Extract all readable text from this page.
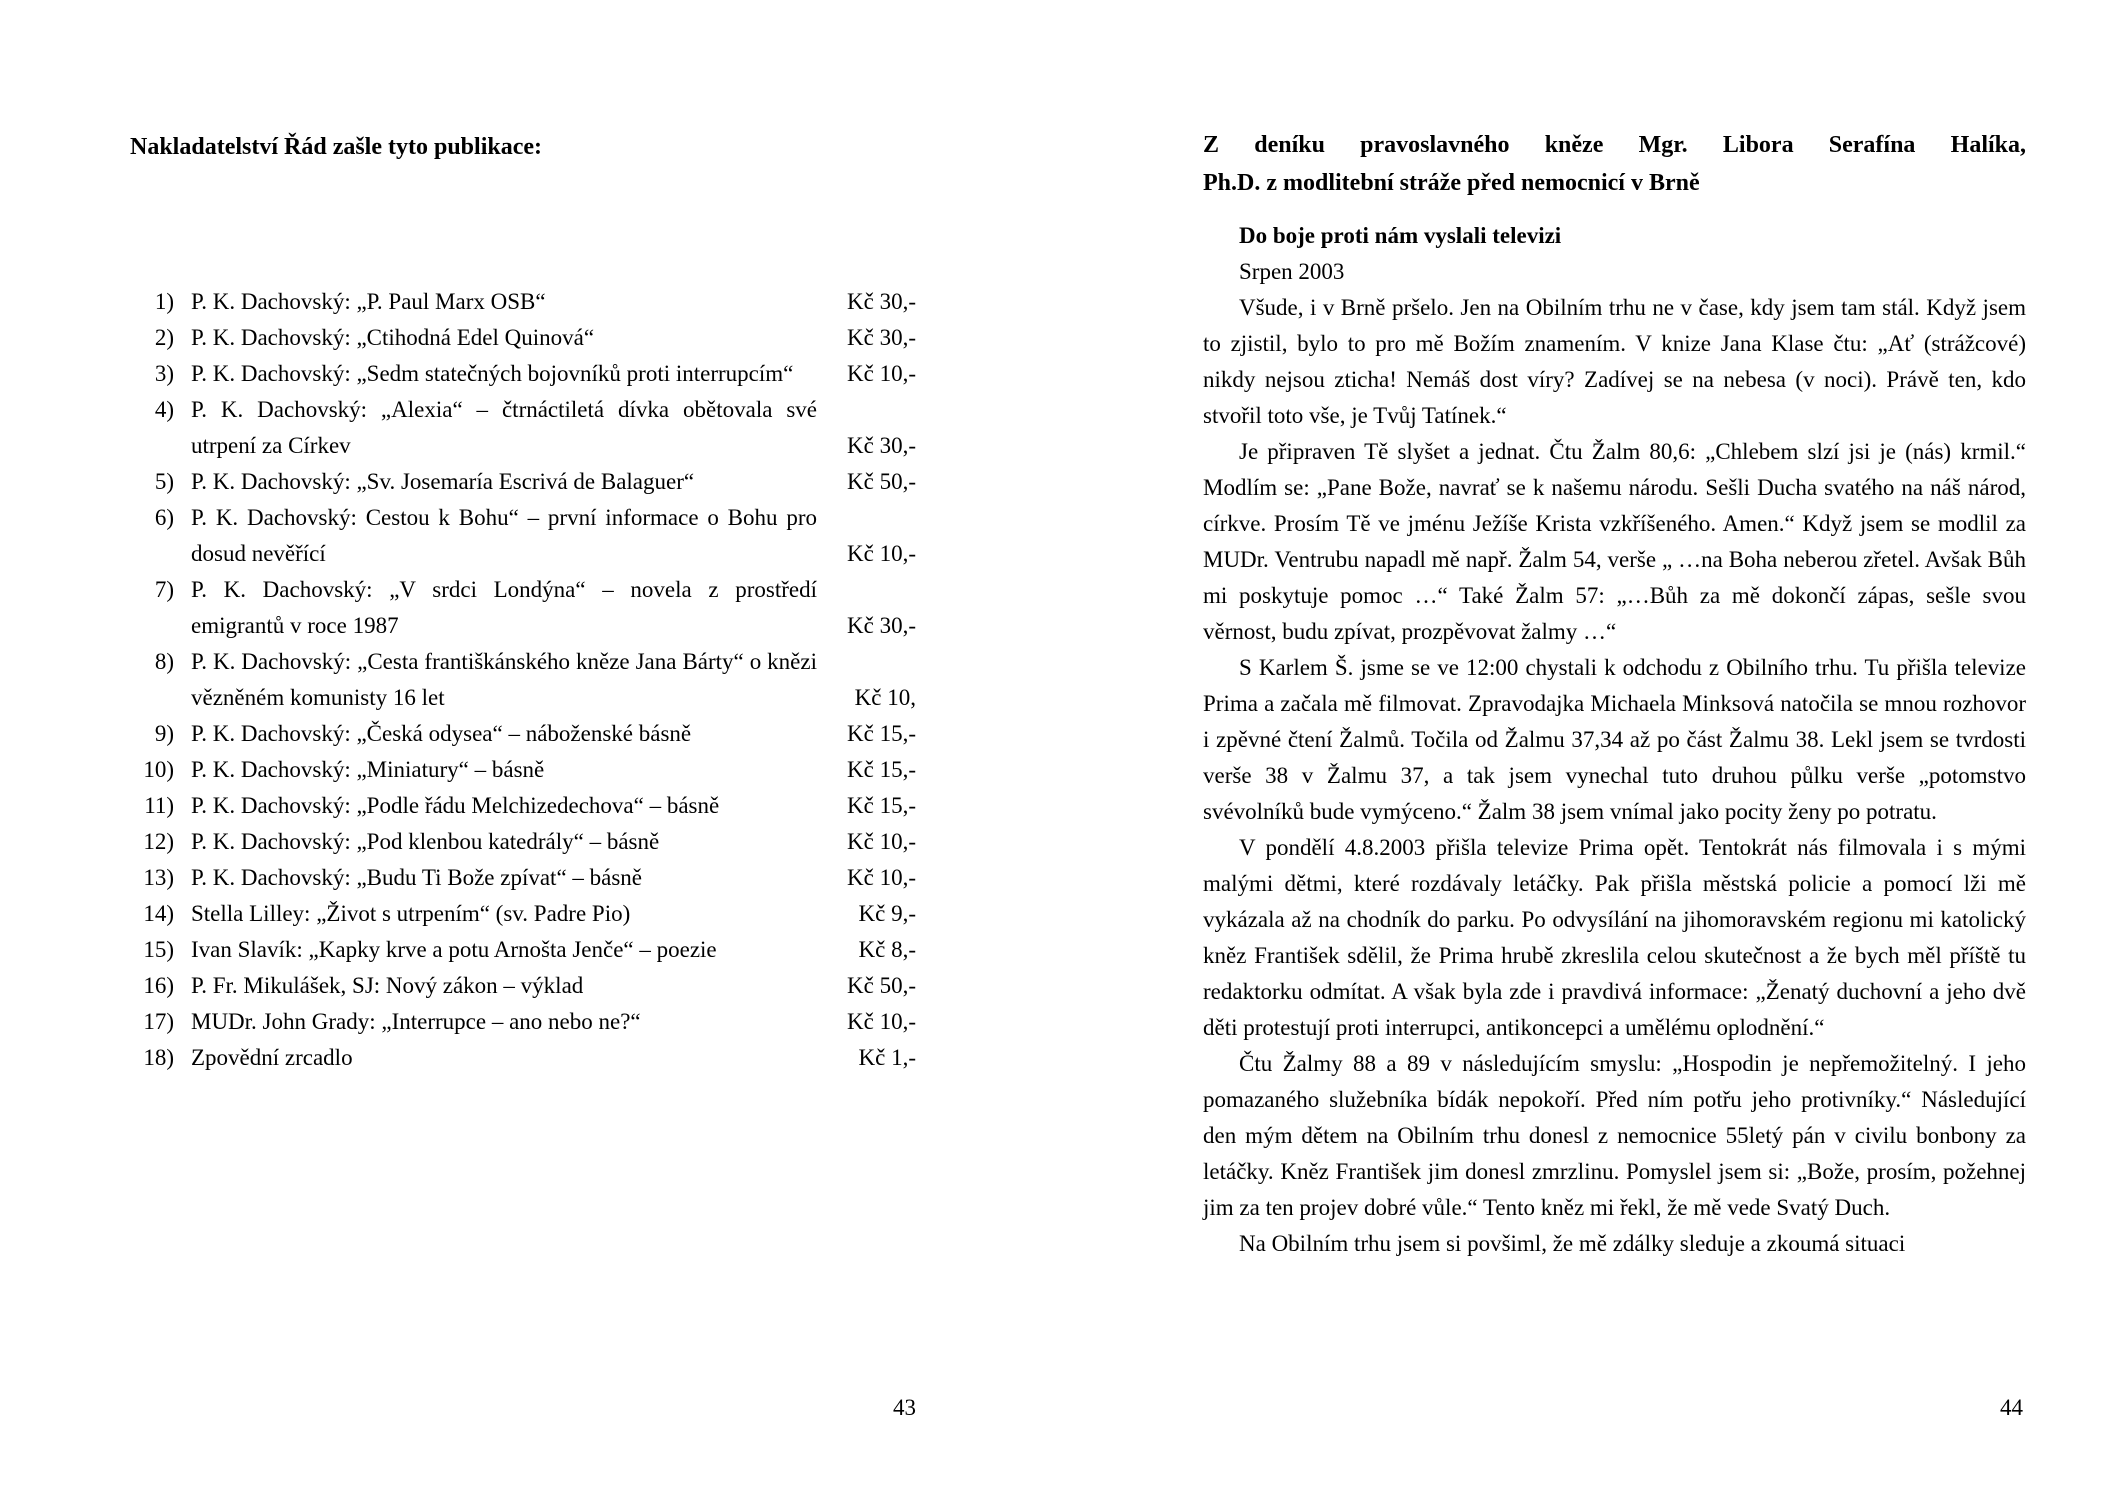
Nakladatelství Řád zašle tyto publikace:
1) P. K. Dachovský: „P. Paul Marx OSB“	Kč 30,-
2) P. K. Dachovský: „Ctihodná Edel Quinová“	Kč 30,-
3) P. K. Dachovský: „Sedm statečných bojovníků proti interrupcím“	Kč 10,-
4) P. K. Dachovský: „Alexia“ – čtrnáctiletá dívka obětovala své utrpení za Církev	Kč 30,-
5) P. K. Dachovský: „Sv. Josemaría Escrivá de Balaguer“	Kč 50,-
6) P. K. Dachovský: Cestou k Bohu“ – první informace o Bohu pro dosud nevěřící	Kč 10,-
7) P. K. Dachovský: „V srdci Londýna“ – novela z prostředí emigrantů v roce 1987	Kč 30,-
8) P. K. Dachovský: „Cesta františkánského kněze Jana Bárty“ o knězi vězněném komunisty 16 let	Kč 10,
9) P. K. Dachovský: „Česká odysea“ – náboženské básně	Kč 15,-
10) P. K. Dachovský: „Miniatury“ – básně	Kč 15,-
11) P. K. Dachovský: „Podle řádu Melchizedechova“ – básně	Kč 15,-
12) P. K. Dachovský: „Pod klenbou katedrály“ – básně	Kč 10,-
13) P. K. Dachovský: „Budu Ti Bože zpívat“ – básně	Kč 10,-
14) Stella Lilley: „Život s utrpením“ (sv. Padre Pio)	Kč 9,-
15) Ivan Slavík: „Kapky krve a potu Arnošta Jenče“ – poezie	Kč 8,-
16) P. Fr. Mikulášek, SJ: Nový zákon – výklad	Kč 50,-
17) MUDr. John Grady: „Interrupce – ano nebo ne?“	Kč 10,-
18) Zpovědní zrcadlo	Kč 1,-
Z deníku pravoslavného kněze Mgr. Libora Serafína Halíka,
Ph.D. z modlitební stráže před nemocnicí v Brně

Do boje proti nám vyslali televizi

Srpen 2003

Všude, i v Brně pršelo. Jen na Obilním trhu ne v čase, kdy jsem tam stál. Když jsem to zjistil, bylo to pro mě Božím znamením. V knize Jana Klase čtu: „Ať (strážcové) nikdy nejsou zticha! Nemáš dost víry? Zadívej se na nebesa (v noci). Právě ten, kdo stvořil toto vše, je Tvůj Tatínek.“

Je připraven Tě slyšet a jednat. Čtu Žalm 80,6: „Chlebem slzí jsi je (nás) krmil.“ Modlím se: „Pane Bože, navrať se k našemu národu. Sešli Ducha svatého na náš národ, církve. Prosím Tě ve jménu Ježíše Krista vzkříšeného. Amen.“ Když jsem se modlil za MUDr. Ventrubu napadl mě např. Žalm 54, verše „ …na Boha neberou zřetel. Avšak Bůh mi poskytuje pomoc …“ Také Žalm 57: „…Bůh za mě dokončí zápas, sešle svou věrnost, budu zpívat, prozpěvovat žalmy …“

S Karlem Š. jsme se ve 12:00 chystali k odchodu z Obilního trhu. Tu přišla televize Prima a začala mě filmovat. Zpravodajka Michaela Minksová natočila se mnou rozhovor i zpěvné čtení Žalmů. Točila od Žalmu 37,34 až po část Žalmu 38. Lekl jsem se tvrdosti verše 38 v Žalmu 37, a tak jsem vynechal tuto druhou půlku verše „potomstvo svévolníků bude vymýceno.“ Žalm 38 jsem vnímal jako pocity ženy po potratu.

V pondělí 4.8.2003 přišla televize Prima opět. Tentokrát nás filmovala i s mými malými dětmi, které rozdávaly letáčky. Pak přišla městská policie a pomocí lži mě vykázala až na chodník do parku. Po odvysílání na jihomoravském regionu mi katolický kněz František sdělil, že Prima hrubě zkreslila celou skutečnost a že bych měl příště tu redaktorku odmítat. A však byla zde i pravdivá informace: „Ženatý duchovní a jeho dvě děti protestují proti interrupci, antikoncepci a umělému oplodnění.“

Čtu Žalmy 88 a 89 v následujícím smyslu: „Hospodin je nepřemožitelný. I jeho pomazaného služebníka bídák nepokoří. Před ním potřu jeho protivníky.“ Následující den mým dětem na Obilním trhu donesl z nemocnice 55letý pán v civilu bonbony za letáčky. Kněz František jim donesl zmrzlinu. Pomyslel jsem si: „Bože, prosím, požehnej jim za ten projev dobré vůle.“ Tento kněz mi řekl, že mě vede Svatý Duch.

Na Obilním trhu jsem si povšiml, že mě zdálky sleduje a zkoumá situaci

43	44
